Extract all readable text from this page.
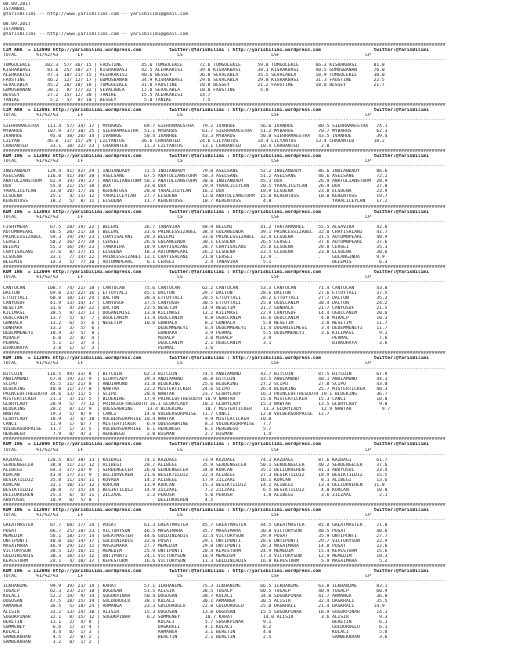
08.09.2017
ISTANBUL
@YarisBilimi -- http://www.yarisbilimi.com -- yarisbilimi@gmail.com

08.09.2017
ISTANBUL
@YarisBilimi -- http://www.yarisbilimi.com -- yarisbilimi@gmail.com

################################################################################################################################################################
CIM ARA  = 112090 http://yarisbilimi.wordpress.com          twitter:@YarisBilimi : http://yarisbilimi.wordpress.com                   twitter:@YarisBilimi
TOTAL       %1/%2/%3       LF                                  LS                                LSF                               LP
----------------------------------------------------------------------------------------------------------------------------------------------------------------
TUMGULEKLE     102.3  57/ 36/ 15 | FAUSTINE       45.6 TUMGULEKLE      72.6 TUMGULEKLE      59.8 TUMGULEKLE      66.3 KISRAKBASI      81.8
KISRAKBASI      81.6  25/ 30/ 27 | KISRAKBASI     42.5 ALERKAKISI      39.8 KISRAKBASI      38.1 KISRAKBASI      40.5 GUMUSBANAN      76.0
ALERKAKISI      47.3  10/ 21/ 15 | ALERKAKISI     40.6 BESSEY          36.8 SEVALABLA       35.5 SEVALABLA       18.9 TUMGULEKLE      30.0
FAUSTINE        46.2  12/ 12/ 17 | GUMUSBANAN     34.9 KISRAKBASI      29.6 SEVALABLA       29.8 KISRAKBASI      31.3 FAUSTINE        22.5
SEVALABLA       45.2  20/ 10/ 18 | TUMGULEKLE     31.8 FAUSTINE        18.8 BESSEY          21.2 FAUSTINE        18.8 BESSEY          21.7
GUMUSBANAN      38.1   8/ 17/ 32 | SEVALABLA      17.0 SEVALABLA       18.0 FAUSTINE         5.8
BESSEY          27.2  15/ 12/ 30 | TANIKE         15.5 ALERKAKISI      14.7
TANIKE           5.2   5/  8/ 10 | BESSEY          5.0 TANIKE           7.5
################################################################################################################################################################
CIM ARA  = 112091 http://yarisbilimi.wordpress.com          twitter:@YarisBilimi : http://yarisbilimi.wordpress.com                   twitter:@YarisBilimi
TOTAL       %1/%2/%3       LF                                  LS                                LSF                               LP
----------------------------------------------------------------------------------------------------------------------------------------------------------------
SIERRAMAESTRA   111.4  57/ 34/ 17 | MYBAROS        69.7 SIERRAMAESTRA   79.2 IVANHOE         56.6 IVANHOE         80.5 SIERRAMAESTRA   74.1
MYBAROS         107.9  37/ 30/ 25 | SIERRAMAESTRA  51.1 MYBAROS         61.7 SIERRAMAESTRA   51.2 MYBAROS         70.7 MYBAROS         62.3
IVANHOE          95.0  38/ 28/ 34 | IVANHOE        50.4 IVANHOE         43.3 MYBAROS         50.0 SIERRAMAESTRA   43.5 IVANHOE         39.4
LILYAN          46.6  11/ 15/ 29 | LILYANTUS      36.6 CHARANTED       24.6 LILYANTUS       14.4 LILYANTUS       13.4 CHARANTED       18.2
CHARANTED        33.1  10/ 22/ 23 | CHARANTED      11.3 LILYANTUS       13.1 CHARANTED       10.4 CHARANTED        2.0
################################################################################################################################################################
KUM ING  = 112092 http://yarisbilimi.wordpress.com          twitter:@YarisBilimi : http://yarisbilimi.wordpress.com                   twitter:@YarisBilimi
TOTAL       %1/%2/%3       LF                                  LS                                LSF                               LP
----------------------------------------------------------------------------------------------------------------------------------------------------------------
INDIANDADY      129.4  41/ 42/ 29 | INDIANDADY     72.5 INDIANDADY      79.0 ASELSANE        52.2 INDIANDADY      86.6 INDIANDADY      86.6
ASELSANE        116.0  41/ 30/ 38 | ASELSANE       67.5 ANATOLIANSTORM  50.3 ASELSANE        51.2 ASELSANE        46.6 ASELSANE        72.2
ANATOLIANSTORM   62.4  19/ 19/ 27 | ANATOLIANSTORM 50.1 ANATOLIANSTORM  30.0 INDIANDADY      45.3 DUX             26.9 ANATOLIANSTORM  28.9
DUX              55.8  21/ 15/ 18 | DUX            33.0 DUX             29.9 YARALICEYLAN    20.5 YARALICEYLAN    26.9 DUX             27.0
YARALICEYLAN     33.0  10/ 17/ 16 | KERENTOSS      28.0 YARALICEYLAN    16.2 DUX             18.9 ELSUENA         23.0 ELSUENA         23.9
ELSUENA          25.1   4/ 11/ 12 | YARALICEYLAN   27.7 ELSUENA         12.0 ANATOLIANSTORM  15.0 KERENTOSS       10.8 KERENTOSS       19.7
KERENTOSS        18.2   5/  8/ 11 | ELSUENA        11.7 KERENTOSS       10.7 KERENTOSS        4.8                      YARALICEYLAN    17.2
################################################################################################################################################################
KUM ING  = 112093 http://yarisbilimi.wordpress.com          twitter:@YarisBilimi : http://yarisbilimi.wordpress.com                   twitter:@YarisBilimi
TOTAL       %1/%2/%3       LF                                  LS                                LSF                               LP
----------------------------------------------------------------------------------------------------------------------------------------------------------------
FISHYMERA        67.5  28/ 19/ 22 | BELEMI         36.7 TANAVIRA        48.9 BELEMI          41.2 TAKTARMAREL     55.5 ALSAVIRA        42.0
AUTUMNPEARL      66.5  20/ 21/ 18 | BELEMI         33.6 PRINCESSIZABEL  38.4 GULANGINDA      39.1 PRINCESSIZABEL  32.0 CHAYISALANI     41.7
PRINCESSIZABEL   59.3  19/ 19/ 23 | CHAYISALANI    28.3 BELEMI          33.6 PRINCESSIZABEL  32.4 ELSUENA         31.5 AUTUMNPEARL     40.9
CERSEI           58.2  16/ 27/ 20 | CERSEI         26.6 GULANGINDA      30.1 ELSUENA         26.5 CERSEI          37.6 AUTUMNPEARL     37.6
BELEMI           55.3  16/ 19/ 23 | TANAVIRA       18.9 CHAYISALANI     28.7 CHAYISALANI     25.8 ELSUENA         28.8 CERSEI          35.3
CHAYISALANI      37.6   8/ 17/ 15 | ELSUENA        18.3 AUTUMNPEARL     26.2 ELSUENA         23.5 ELSUENA         23.8 ELSUENA         30.6
ELSUENA          33.1   7/ 14/ 22 | PRINCESSIZABEL 13.1 CHAYISALANI     21.8 CERSEI          12.9 .               .    GULANGINDA      9.9
BELEMIS          14.3   5/  7/ 10 | AUTUMNPEARL     6.1 CERSEI           2.4 TANAVIRA         5.1                      BELEMIS          6.3
################################################################################################################################################################
KUM ING  = 112094 http://yarisbilimi.wordpress.com          twitter:@YarisBilimi : http://yarisbilimi.wordpress.com                   twitter:@YarisBilimi
TOTAL       %1/%2/%3       LF                                  LS                                LSF                               LP
----------------------------------------------------------------------------------------------------------------------------------------------------------------
CANTUCAN        108.7  74/ 21/ 18 | CANTUCAN       75.6 CANTUCAN        62.2 CANTUCAN        53.3 CANTUCAN        71.4 CANTUCAN        43.8
DALTON           69.0  23/ 22/ 16 | ETTOYTALI      45.1 DALTON          29.7 DALTON          28.6 DALTON          27.6 ETTOYTALI       37.5
ETTOYTALI        60.8  18/ 13/ 24 | DALTON         38.4 ETTOYTALI       28.5 ETTOYTALI       28.2 ETTOYTALI       27.7 DALTON          35.3
CANYUSUF         41.9  13/ 14/ 17 | CANYUSUF       37.5 CANYUSUF        30.5 ETTOYTALI       25.8 OGULCANIM       30.4 DALTON          24.2
NESETIM          31.6   4/ 20/ 22 | DALTON         23.5 NESETIM         14.9 NESETIM         21.7 GUNHALA         21.7 CANYUSUF        21.5
KILIMASI         30.5   9/ 12/ 13 | DOGANIMISI     13.8 KILIMASI        12.2 KILIMASI        22.9 CANYUSUF        14.4 OGULCANIM       20.6
OGULCANIM        13.7   5/  6/  7 | OGULCANIM      11.4 OGULCANIM        8.8 OGULCANIM       16.6 OGULCANIM        4.8 MIRALP          10.3
GUNHALA          13.2   6/  5/  6 | NESETIM        10.6 GUNHALA          8.2 GUNHALA          5.8 NESETIM          3.0 NESETIM         11.7
GUNHARA          13.2   3/  5/  6 |                     DEDEMMENEYI      6.4 DEDEMMENEYI     11.4 DOGANISIMESI     3.4 DEDEMMENEYI     11.7
DEDEMMENEYI      10.9   3/  5/  8 |                     GUNHARA          3.9 PERMAL           5.5 DEDEMMENEYI      3.6 KILIMASI         9.1
MIRALP            6.0   2/  0/  4 |                     MIRALP           3.0 MIRALP           2.9                      PERMAL           7.6
PERMAL            5.1   1/  3/  3 |                     OGULCANIM        2.1 OGULCANIM        3.1                      BIRKURAYA        3.6
BIRKURAYA         3.8   1/  1/  3 |                     PERMAL           1.6
################################################################################################################################################################
KUM ING  = 112095 http://yarisbilimi.wordpress.com          twitter:@YarisBilimi : http://yarisbilimi.wordpress.com                   twitter:@YarisBilimi
TOTAL       %1/%2/%3       LF                                  LS                                LSF                               LP
----------------------------------------------------------------------------------------------------------------------------------------------------------------
BITCOIN         116.5  49/ 33/ 8  | BITCOIN        62.3 BITCOIN         74.5 ANDIAMOND       43.7 BITCOIN         87.5 BITCOIN         67.9
ANDIAMOND        67.0  19/ 22/ 9  | GLORYLADY      39.4 ANDIAMOND       36.8 BITCOIN         43.5 ANDIAMOND       40.1 ANDIAMOND       44.1
SCIPO            45.5  11/ 21/ 8  | ANDIAMOND      31.8 BLUEKING        25.6 BLUEKING        27.2 SCIPO           27.0 SCIPO           43.0
BLUEKING         40.0  11/ 17/ 8  | NAWTAR         22.2 MISTERTICKER    24.6 SCIPO           26.4 BLUEKING        25.7 MISTERTICKER    40.3
PRINCEOFTHESOUTH 34.6  13/ 11/ 5  | SCIPO          20.6 NAWTAR          23.7 GLORYLADY       16.3 PRINCEOFTHESOUTH 19.1 BLUEKING       36.7
MISTERTICKER     21.3   3/ 11/ 5  | BLUEKING       17.9 PRINCEOFTHESOUTH 16.9 NAWTAR         15.6 MISTERTICKER    15.3 CANCI           10.8
GLORYLADY        20.9   5/  7/ 12 | PRINCEOFTHESOUTH 16.1 GLORYLADY     10.2 GLORYLADY       15.3 NAWTAR          13.5 GLORYLADY        9.0
BLUEKING         20.2   8/ 12/ 9  | ODESSABRINE     13.4 BLUEKING        10.7 MISTERTICKER    13.3 GLORYLADY       12.9 NAWTAR           9.7
NAWTAR           19.3   5/  8/ 9  | CANCI          14.0 VOLBERSURPRISE  11.7 CANCI           12.0 VOLBERSURPRISE  12.7
GLORYLADY        18.9   3/  6/ 10 | VOLBERSURPRISE 10.4 NAWTAR           9.9 MISTERTICKER    10.0
CANCI            11.9   1/  6/ 7  | MISTERTICKER    6.9 ODESSABRINE      8.3 VOLBERSURPRISE   7.7
VOLBERSURPRISE   11.7   1/  3/ 5  | VOLBERSURPRISE  6.1 HEREWEGO         6.1 HEREWEGO         5.7
HEREWEGO          7.9   0/  4/ 3  | HEREWEGO        2.0 BIGMAN           2.7 BIGMAN           1.4
################################################################################################################################################################
KUM ING  = 112096 http://yarisbilimi.wordpress.com          twitter:@YarisBilimi : http://yarisbilimi.wordpress.com                   twitter:@YarisBilimi
TOTAL       %1/%2/%3       LF                                  LS                                LSF                               LP
----------------------------------------------------------------------------------------------------------------------------------------------------------------
KAZDAGI         128.5  85/ 30/ 13 | KAZDAGI        74.1 KAZDAGI         73.9 KAZDAGI         74.3 KAZDAGI         87.6 KAZDAGI         61.7
SERDENGECER      38.8  11/ 21/ 12 | ALIBEGI        28.7 ALIBEGI         35.9 SERDENGECER     50.1 SERDENGECER     40.2 SERDENGECER     37.6
ALIBEGI          64.3  17/ 24/ 9  | SERDENGECER    26.0 SERDENGECER     34.0 KORCAN          35.1 DELIURVEREN     41.1 ABUYUSUL        23.4
KORCAN           43.0  17/ 21/ 9  | DELIURVEREN    21.6 BESIKTILDIZ     22.4 ALIBEGI         27.3 BESIKTILDIZ     18.9 BESIKTILDIZ     15.5
BESIKTILDIZ      35.8  11/ 14/ 11 | KOVADA         14.2 ALIBEGI         17.9 ZILZAAL         16.1 KORCAN           8.1 ALIBEGI         13.6
KORCAN           32.1  10/ 11/ 12 | KORCAN         13.9 KORCAN          15.3 BESIKTILDIZ     14.2 ALIBEGI         13.4 DELIURVEREN    11.8
BESIKTILDIZ      30.8   7/ 15/ 14 | BESIKTILDIZ    14.9 ZILZAAL          7.2 ZILZAAL          6.5 BESIKTILDIZ      4.0 KORCAN          10.8
DELIURVEREN      25.3   6/  4/ 11 | ZILZAAL         2.2 PEKUSH           5.0 PEKUSH           1.8 ALIBEGI          3.6 ZILZAAL          2.1
ABUYUSUL         10.9   0/  5/ 8  |                     DELIURVEREN      4.5
################################################################################################################################################################
KUM ING  = 112097 http://yarisbilimi.wordpress.com          twitter:@YarisBilimi : http://yarisbilimi.wordpress.com                   twitter:@YarisBilimi
TOTAL       %1/%2/%3       LF                                  LS                                LSF                               LP
----------------------------------------------------------------------------------------------------------------------------------------------------------------
GREATMASTER      87.7  60/ 17/ 14 | PUSAT          61.3 GREATMASTER     45.7 GREATMASTER     44.5 GREATMASTER     85.8 GREATMASTER     71.0
PUSAT            66.7  25/ 18/ 23 | VICTORYSUN     46.5 MASAIMARA       35.7 MASAIMARA       30.8 VICTORYSUN      40.5 PUSAT           40.0
MEMEDIM          56.1  18/ 17/ 14 | GREATMASTER    44.6 GOLDINIADIS     32.4 VICTORYSUN      29.9 PUSAT           35.9 UNTIPUNTI       27.7
UNTIPUNTI        48.0  16/ 14/ 17 | GOLDINIADIS    32.6 PUSAT           29.1 UNTIPUNTI       28.6 UNTIPUNTI       29.7 VICTORYSUN      22.9
MASAIMARA        46.9  29/ 12/ 11 | MASAIMARA      27.7 MEMEDIM         29.0 UNTIPUNTI       28.3 MASAIMARA       14.8 PUSAT           22.6
VICTORYSUN       38.5  12/ 16/ 11 | MEMEDIM        25.9 UNTIPUNTI       20.4 KEPESTORM       24.9 MEMEDIM         15.4 KEPESTORM       15.6
GOLDINIADIS      30.3  10/ 11/ 12 | UNTIPUNTI      24.1 VICTORYSUN      18.9 MEMEDIM         17.4 VICTORYSUN      12.9 MEMEDIM         10.3
KEPESTORM        24.1   4/ 10/ 17 | KEPESTORM      16.6 VICTORYSUN      11.3 GOLDINIADIS     16.8 KEPESTORM        5.9 MASAIMARA        5.2
################################################################################################################################################################
KUM ING  = 112098 http://yarisbilimi.wordpress.com          twitter:@YarisBilimi : http://yarisbilimi.wordpress.com                   twitter:@YarisBilimi
TOTAL       %1/%2/%3       LF                                  LS                                LSF                               LP
----------------------------------------------------------------------------------------------------------------------------------------------------------------
ILKHANIME        99.9  39/ 23/ 14 | KARAT          57.1 ILKHANIME       75.3 ILKHANIME       66.5 ILKHANIME       63.8 ILKHANIME       83.1
TOGALP           62.3  23/ 21/ 18 | DOGUSAN        51.5 ALISIR          38.5 TOGALP          60.5 TOGALP          40.9 TOGALP          60.9
KULALI           52.2  19/  9/ 14 | SOGUKPINAR     50.4 DOGUSAN         30.7 KULALI          34.0 SOGUKPINAR      41.7 ARMANGA         36.0
DOGUSAN          47.5  18/ 15/ 19 | GULDUROGLU     38.1 KULALI          30.1 ARMANGA         30.5 ALISIR          32.4 DAGKRALI        35.5
ARMANGA          36.5   5/ 18/ 24 | ARMANGA        23.3 GULDUROGLU      22.0 GULDUROGLU      25.8 DAGKRALI        21.4 DAGKRALI       14.9
ALISIR           33.2  13/ 14/ 10 | ALISIR         15.3 DOGUSAN         13.0 DOGUSAN         15.5 SOGUKPINAR      18.9 SOGUKPINAR      14.1
SOGUKPINAR       32.1   8/ 15/ 12 | SOGUKPINAR      6.2 SOMMENEY         10.7 KARAT           14.0 ALISIR          3.6 ALISIR           9.3
BERETIN          11.1   2/  4/ 8  |                     KULALI           5.7 SOGUKPINAR       9.1                      BERETIN          6.1
SOMMENEY          6.6   1/  3/ 4  |                     DAGKRALI         4.1 KULALI           8.2                      GULDUROGLU       6.1
KULALI            4.4   0/  1/ 3  |                     ARMANGA          3.1 BERETIN          4.0                      KULALI           5.8
SAMBEKKHAN        4.5   2/  0/ 2  |                     BERETIN          2.1 BERETIN          2.5                      SAMBEKKHAN       3.6
SAMBEKKHAN        3.2   0/  1/ 2  |
